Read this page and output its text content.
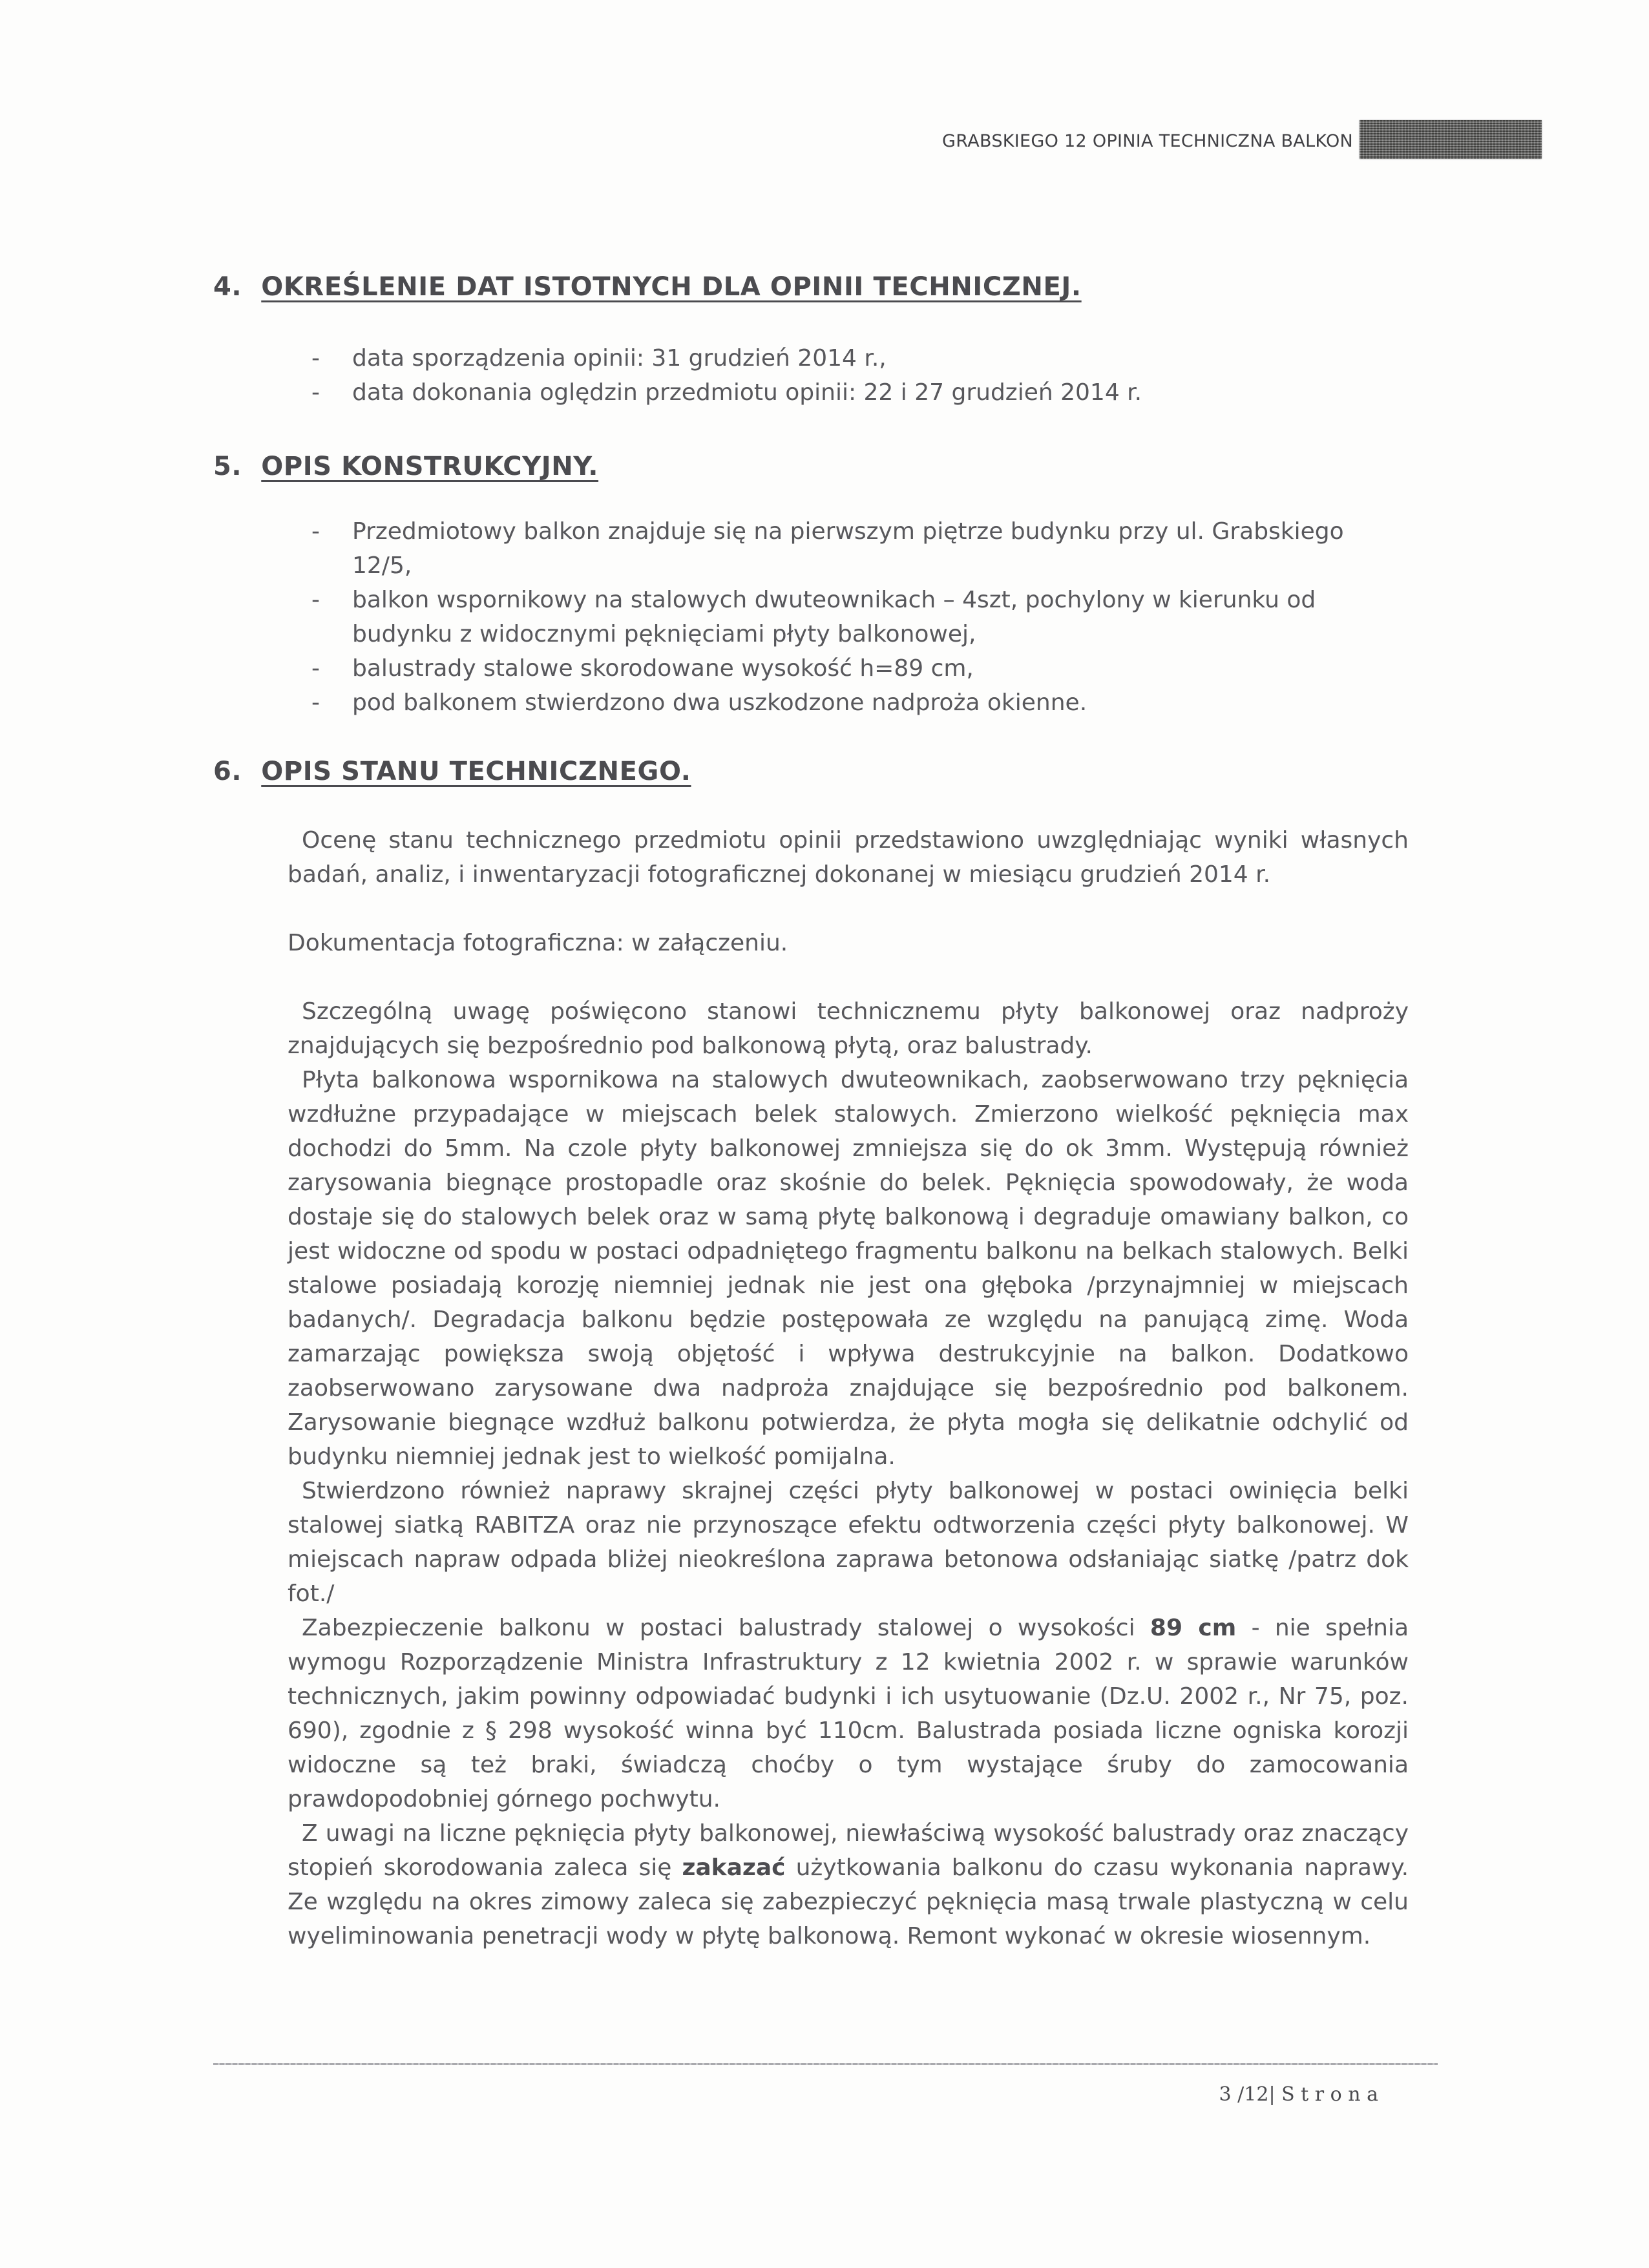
GRABSKIEGO 12 OPINIA TECHNICZNA BALKON
4. OKREŚLENIE DAT ISTOTNYCH DLA OPINII TECHNICZNEJ.
- data sporządzenia opinii: 31 grudzień 2014 r.,
- data dokonania oględzin przedmiotu opinii: 22 i 27 grudzień 2014 r.
5. OPIS KONSTRUKCYJNY.
- Przedmiotowy balkon znajduje się na pierwszym piętrze budynku przy ul. Grabskiego 12/5,
- balkon wspornikowy na stalowych dwuteownikach – 4szt, pochylony w kierunku od budynku z widocznymi pęknięciami płyty balkonowej,
- balustrady stalowe skorodowane wysokość h=89 cm,
- pod balkonem stwierdzono dwa uszkodzone nadproża okienne.
6. OPIS STANU TECHNICZNEGO.

Ocenę stanu technicznego przedmiotu opinii przedstawiono uwzględniając wyniki własnych badań, analiz, i inwentaryzacji fotograficznej dokonanej w miesiącu grudzień 2014 r.

Dokumentacja fotograficzna: w załączeniu.

Szczególną uwagę poświęcono stanowi technicznemu płyty balkonowej oraz nadproży znajdujących się bezpośrednio pod balkonową płytą, oraz balustrady.

Płyta balkonowa wspornikowa na stalowych dwuteownikach, zaobserwowano trzy pęknięcia wzdłużne przypadające w miejscach belek stalowych. Zmierzono wielkość pęknięcia max dochodzi do 5mm. Na czole płyty balkonowej zmniejsza się do ok 3mm. Występują również zarysowania biegnące prostopadle oraz skośnie do belek. Pęknięcia spowodowały, że woda dostaje się do stalowych belek oraz w samą płytę balkonową i degraduje omawiany balkon, co jest widoczne od spodu w postaci odpadniętego fragmentu balkonu na belkach stalowych. Belki stalowe posiadają korozję niemniej jednak nie jest ona głęboka /przynajmniej w miejscach badanych/. Degradacja balkonu będzie postępowała ze względu na panującą zimę. Woda zamarzając powiększa swoją objętość i wpływa destrukcyjnie na balkon. Dodatkowo zaobserwowano zarysowane dwa nadproża znajdujące się bezpośrednio pod balkonem. Zarysowanie biegnące wzdłuż balkonu potwierdza, że płyta mogła się delikatnie odchylić od budynku niemniej jednak jest to wielkość pomijalna.

Stwierdzono również naprawy skrajnej części płyty balkonowej w postaci owinięcia belki stalowej siatką RABITZA oraz nie przynoszące efektu odtworzenia części płyty balkonowej. W miejscach napraw odpada bliżej nieokreślona zaprawa betonowa odsłaniając siatkę /patrz dok fot./

Zabezpieczenie balkonu w postaci balustrady stalowej o wysokości 89 cm - nie spełnia wymogu Rozporządzenie Ministra Infrastruktury z 12 kwietnia 2002 r. w sprawie warunków technicznych, jakim powinny odpowiadać budynki i ich usytuowanie (Dz.U. 2002 r., Nr 75, poz. 690), zgodnie z § 298 wysokość winna być 110cm. Balustrada posiada liczne ogniska korozji widoczne są też braki, świadczą choćby o tym wystające śruby do zamocowania prawdopodobniej górnego pochwytu.

Z uwagi na liczne pęknięcia płyty balkonowej, niewłaściwą wysokość balustrady oraz znaczący stopień skorodowania zaleca się zakazać użytkowania balkonu do czasu wykonania naprawy. Ze względu na okres zimowy zaleca się zabezpieczyć pęknięcia masą trwale plastyczną w celu wyeliminowania penetracji wody w płytę balkonową. Remont wykonać w okresie wiosennym.

3 /12| S t r o n a
